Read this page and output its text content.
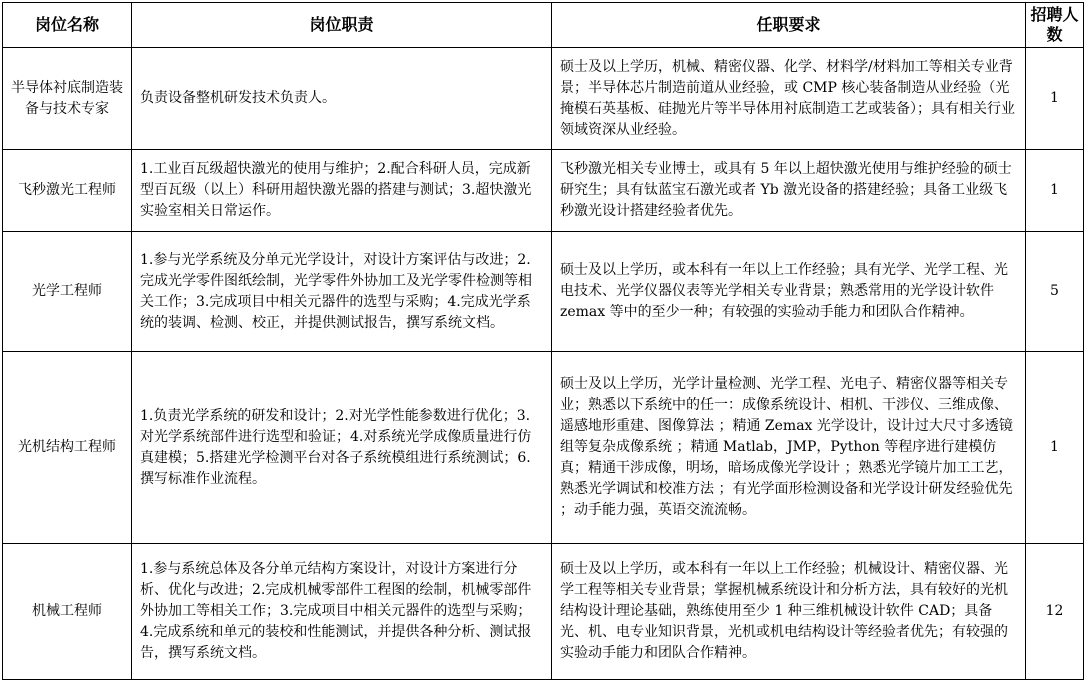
岗位名称	岗位职责	任职要求	招聘人数
半导体衬底制造装备与技术专家	负责设备整机研发技术负责人。	硕士及以上学历，机械、精密仪器、化学、材料学/材料加工等相关专业背景；半导体芯片制造前道从业经验，或 CMP 核心装备制造从业经验（光掩模石英基板、硅抛光片等半导体用衬底制造工艺或装备）；具有相关行业领域资深从业经验。	1
飞秒激光工程师	1.工业百瓦级超快激光的使用与维护；2.配合科研人员，完成新型百瓦级（以上）科研用超快激光器的搭建与测试；3.超快激光实验室相关日常运作。	飞秒激光相关专业博士，或具有 5 年以上超快激光使用与维护经验的硕士研究生；具有钛蓝宝石激光或者 Yb 激光设备的搭建经验；具备工业级飞秒激光设计搭建经验者优先。	1
光学工程师	1.参与光学系统及分单元光学设计，对设计方案评估与改进；2.完成光学零件图纸绘制，光学零件外协加工及光学零件检测等相关工作；3.完成项目中相关元器件的选型与采购；4.完成光学系统的装调、检测、校正，并提供测试报告，撰写系统文档。	硕士及以上学历，或本科有一年以上工作经验；具有光学、光学工程、光电技术、光学仪器仪表等光学相关专业背景；熟悉常用的光学设计软件 zemax 等中的至少一种；有较强的实验动手能力和团队合作精神。	5
光机结构工程师	1.负责光学系统的研发和设计；2.对光学性能参数进行优化；3.对光学系统部件进行选型和验证；4.对系统光学成像质量进行仿真建模；5.搭建光学检测平台对各子系统模组进行系统测试；6.撰写标准作业流程。	硕士及以上学历，光学计量检测、光学工程、光电子、精密仪器等相关专业；熟悉以下系统中的任一：成像系统设计、相机、干涉仪、三维成像、遥感地形重建、图像算法 ；精通 Zemax 光学设计，设计过大尺寸多透镜组等复杂成像系统 ；精通 Matlab，JMP，Python 等程序进行建模仿真；精通干涉成像，明场，暗场成像光学设计 ；熟悉光学镜片加工工艺，熟悉光学调试和校准方法 ；有光学面形检测设备和光学设计研发经验优先 ；动手能力强，英语交流流畅。	1
机械工程师	1.参与系统总体及各分单元结构方案设计，对设计方案进行分析、优化与改进；2.完成机械零部件工程图的绘制，机械零部件外协加工等相关工作；3.完成项目中相关元器件的选型与采购；4.完成系统和单元的装校和性能测试，并提供各种分析、测试报告，撰写系统文档。	硕士及以上学历，或本科有一年以上工作经验；机械设计、精密仪器、光学工程等相关专业背景；掌握机械系统设计和分析方法，具有较好的光机结构设计理论基础，熟练使用至少 1 种三维机械设计软件 CAD；具备光、机、电专业知识背景，光机或机电结构设计等经验者优先；有较强的实验动手能力和团队合作精神。	12
